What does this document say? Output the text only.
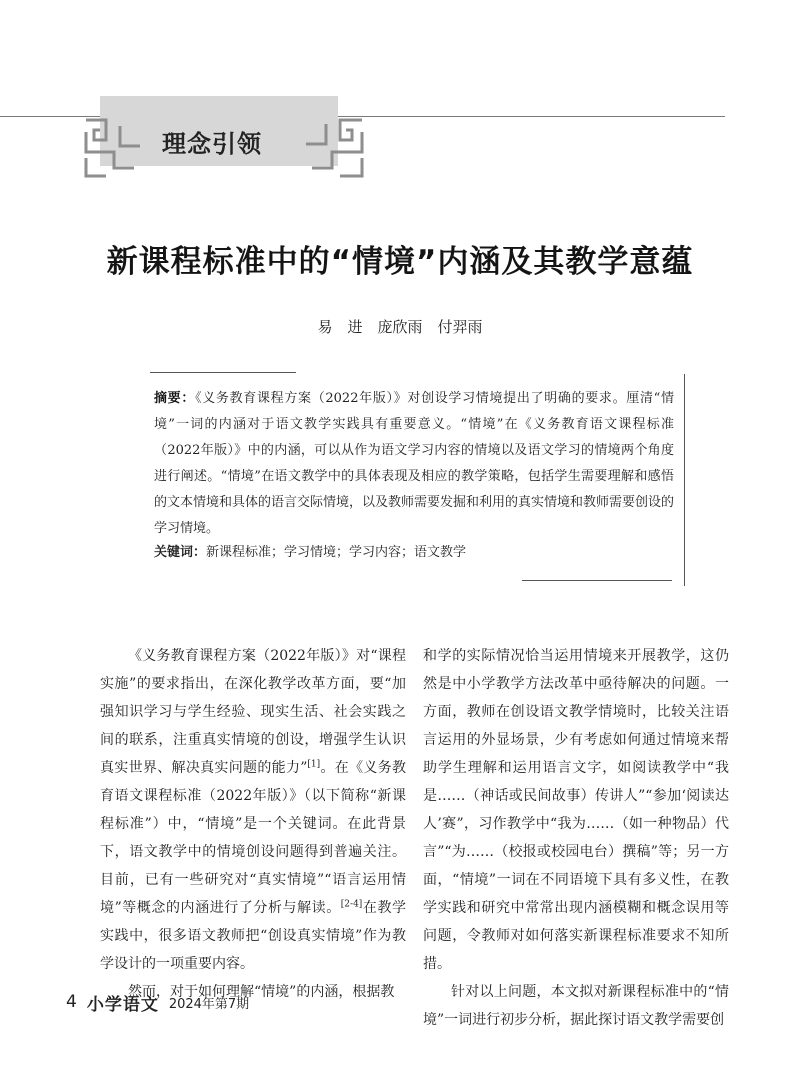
理念引领
新课程标准中的“情境”内涵及其教学意蕴
易　进　庞欣雨　付羿雨
摘要：《义务教育课程方案（2022年版）》对创设学习情境提出了明确的要求。厘清“情境”一词的内涵对于语文教学实践具有重要意义。“情境”在《义务教育语文课程标准（2022年版）》中的内涵，可以从作为语文学习内容的情境以及语文学习的情境两个角度进行阐述。“情境”在语文教学中的具体表现及相应的教学策略，包括学生需要理解和感悟的文本情境和具体的语言交际情境，以及教师需要发掘和利用的真实情境和教师需要创设的学习情境。
关键词：新课程标准；学习情境；学习内容；语文教学

《义务教育课程方案（2022年版）》对“课程实施”的要求指出，在深化教学改革方面，要“加强知识学习与学生经验、现实生活、社会实践之间的联系，注重真实情境的创设，增强学生认识真实世界、解决真实问题的能力”[1]。在《义务教育语文课程标准（2022年版）》（以下简称“新课程标准”）中，“情境”是一个关键词。在此背景下，语文教学中的情境创设问题得到普遍关注。目前，已有一些研究对“真实情境”“语言运用情境”等概念的内涵进行了分析与解读。[2-4]在教学实践中，很多语文教师把“创设真实情境”作为教学设计的一项重要内容。

然而，对于如何理解“情境”的内涵，根据教

和学的实际情况恰当运用情境来开展教学，这仍然是中小学教学方法改革中亟待解决的问题。一方面，教师在创设语文教学情境时，比较关注语言运用的外显场景，少有考虑如何通过情境来帮助学生理解和运用语言文字，如阅读教学中“我是……（神话或民间故事）传讲人”“参加‘阅读达人’赛”，习作教学中“我为……（如一种物品）代言”“为……（校报或校园电台）撰稿”等；另一方面，“情境”一词在不同语境下具有多义性，在教学实践和研究中常常出现内涵模糊和概念误用等问题，令教师对如何落实新课程标准要求不知所措。

针对以上问题，本文拟对新课程标准中的“情境”一词进行初步分析，据此探讨语文教学需要创

4 小学语文 2024年第7期
